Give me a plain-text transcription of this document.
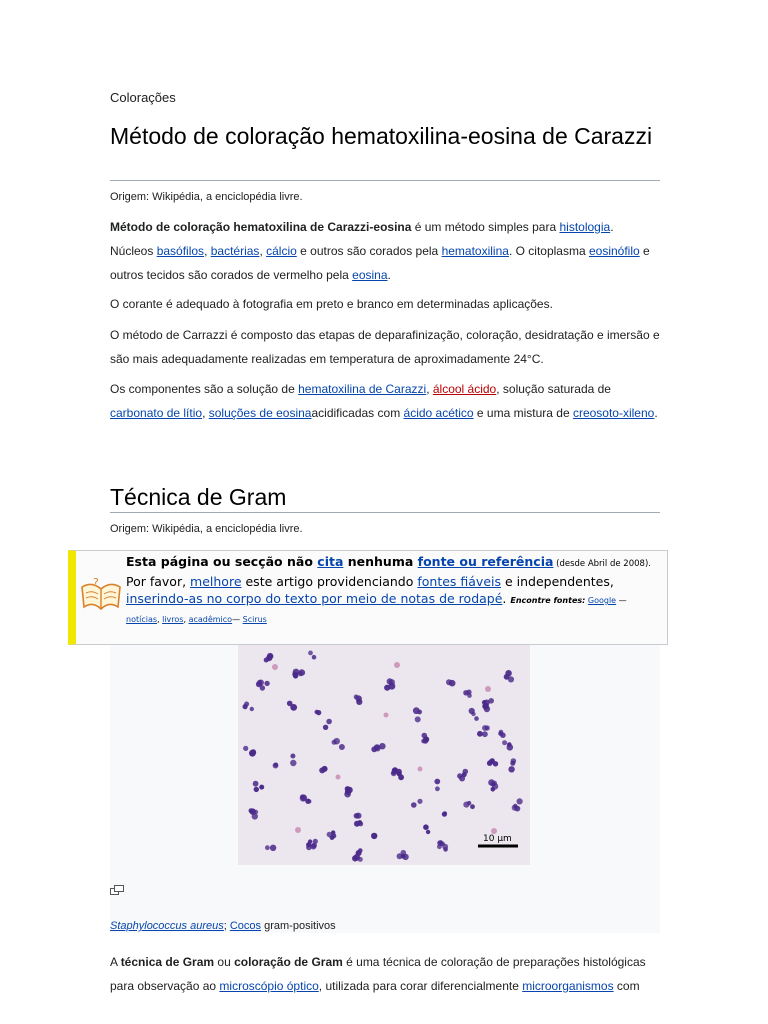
Colorações
Método de coloração hematoxilina-eosina de Carazzi
Origem: Wikipédia, a enciclopédia livre.
Método de coloração hematoxilina de Carazzi-eosina é um método simples para histologia. Núcleos basófilos, bactérias, cálcio e outros são corados pela hematoxilina. O citoplasma eosinófilo e outros tecidos são corados de vermelho pela eosina.
O corante é adequado à fotografia em preto e branco em determinadas aplicações.
O método de Carrazzi é composto das etapas de deparafinização, coloração, desidratação e imersão e são mais adequadamente realizadas em temperatura de aproximadamente 24°C.
Os componentes são a solução de hematoxilina de Carazzi, álcool ácido, solução saturada de carbonato de lítio, soluções de eosinaacidificadas com ácido acético e uma mistura de creosoto-xileno.
Técnica de Gram
Origem: Wikipédia, a enciclopédia livre.
A técnica de Gram ou coloração de Gram é uma técnica de coloração de preparações histológicas para observação ao microscópio óptico, utilizada para corar diferencialmente microorganismos com
?
Esta página ou secção não cita nenhuma fonte ou referência (desde Abril de 2008).
Por favor, melhore este artigo providenciando fontes fiáveis e independentes, inserindo-as no corpo do texto por meio de notas de rodapé. Encontre fontes: Google — notícias, livros, acadêmico— Scirus
10 μm
Staphylococcus aureus; Cocos gram-positivos
